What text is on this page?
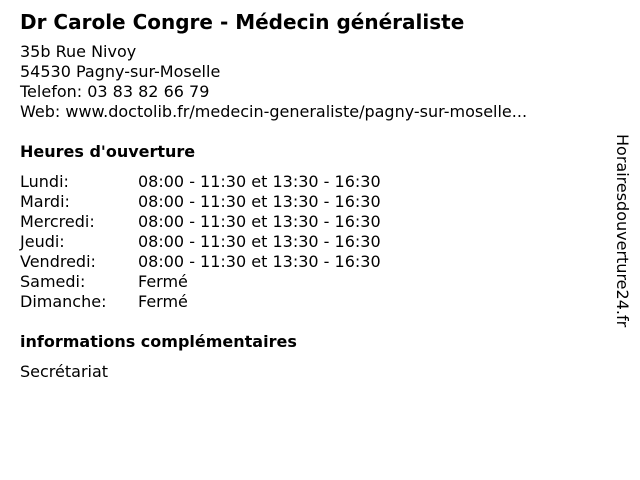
Dr Carole Congre - Médecin généraliste
35b Rue Nivoy
54530 Pagny-sur-Moselle
Telefon: 03 83 82 66 79
Web: www.doctolib.fr/medecin-generaliste/pagny-sur-moselle...
Heures d'ouverture
Lundi:	08:00 - 11:30 et 13:30 - 16:30
Mardi:	08:00 - 11:30 et 13:30 - 16:30
Mercredi:	08:00 - 11:30 et 13:30 - 16:30
Jeudi:	08:00 - 11:30 et 13:30 - 16:30
Vendredi:	08:00 - 11:30 et 13:30 - 16:30
Samedi:	Fermé
Dimanche:	Fermé
informations complémentaires
Secrétariat
Horairesdouverture24.fr
